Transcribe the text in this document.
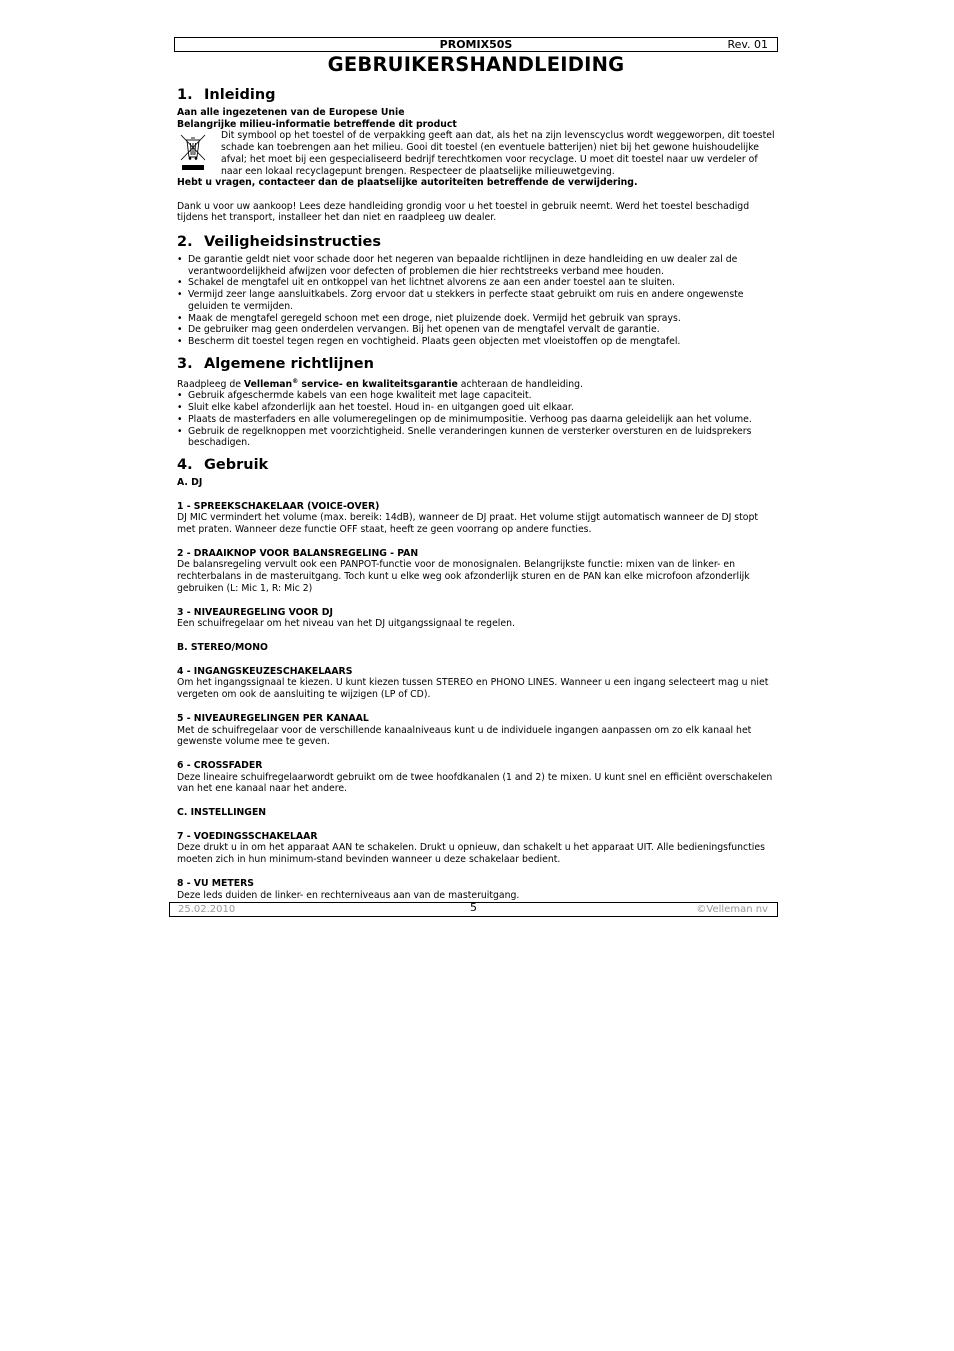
PROMIX50S	Rev. 01
GEBRUIKERSHANDLEIDING
1. Inleiding

Aan alle ingezetenen van de Europese Unie

Belangrijke milieu-informatie betreffende dit product

Dit symbool op het toestel of de verpakking geeft aan dat, als het na zijn levenscyclus wordt weggeworpen, dit toestel schade kan toebrengen aan het milieu. Gooi dit toestel (en eventuele batterijen) niet bij het gewone huishoudelijke afval; het moet bij een gespecialiseerd bedrijf terechtkomen voor recyclage. U moet dit toestel naar uw verdeler of naar een lokaal recyclagepunt brengen. Respecteer de plaatselijke milieuwetgeving.

Hebt u vragen, contacteer dan de plaatselijke autoriteiten betreffende de verwijdering.

Dank u voor uw aankoop! Lees deze handleiding grondig voor u het toestel in gebruik neemt. Werd het toestel beschadigd tijdens het transport, installeer het dan niet en raadpleeg uw dealer.

2. Veiligheidsinstructies
• De garantie geldt niet voor schade door het negeren van bepaalde richtlijnen in deze handleiding en uw dealer zal de verantwoordelijkheid afwijzen voor defecten of problemen die hier rechtstreeks verband mee houden.
• Schakel de mengtafel uit en ontkoppel van het lichtnet alvorens ze aan een ander toestel aan te sluiten.
• Vermijd zeer lange aansluitkabels. Zorg ervoor dat u stekkers in perfecte staat gebruikt om ruis en andere ongewenste geluiden te vermijden.
• Maak de mengtafel geregeld schoon met een droge, niet pluizende doek. Vermijd het gebruik van sprays.
• De gebruiker mag geen onderdelen vervangen. Bij het openen van de mengtafel vervalt de garantie.
• Bescherm dit toestel tegen regen en vochtigheid. Plaats geen objecten met vloeistoffen op de mengtafel.
3. Algemene richtlijnen

Raadpleeg de Velleman® service- en kwaliteitsgarantie achteraan de handleiding.

• Gebruik afgeschermde kabels van een hoge kwaliteit met lage capaciteit.
• Sluit elke kabel afzonderlijk aan het toestel. Houd in- en uitgangen goed uit elkaar.
• Plaats de masterfaders en alle volumeregelingen op de minimumpositie. Verhoog pas daarna geleidelijk aan het volume.
• Gebruik de regelknoppen met voorzichtigheid. Snelle veranderingen kunnen de versterker oversturen en de luidsprekers beschadigen.
4. Gebruik

A. DJ

1 - SPREEKSCHAKELAAR (VOICE-OVER)

DJ MIC vermindert het volume (max. bereik: 14dB), wanneer de DJ praat. Het volume stijgt automatisch wanneer de DJ stopt met praten. Wanneer deze functie OFF staat, heeft ze geen voorrang op andere functies.

2 - DRAAIKNOP VOOR BALANSREGELING - PAN

De balansregeling vervult ook een PANPOT-functie voor de monosignalen. Belangrijkste functie: mixen van de linker- en rechterbalans in de masteruitgang. Toch kunt u elke weg ook afzonderlijk sturen en de PAN kan elke microfoon afzonderlijk gebruiken (L: Mic 1, R: Mic 2)

3 - NIVEAUREGELING VOOR DJ

Een schuifregelaar om het niveau van het DJ uitgangssignaal te regelen.

B. STEREO/MONO

4 - INGANGSKEUZESCHAKELAARS

Om het ingangssignaal te kiezen. U kunt kiezen tussen STEREO en PHONO LINES. Wanneer u een ingang selecteert mag u niet vergeten om ook de aansluiting te wijzigen (LP of CD).

5 - NIVEAUREGELINGEN PER KANAAL

Met de schuifregelaar voor de verschillende kanaalniveaus kunt u de individuele ingangen aanpassen om zo elk kanaal het gewenste volume mee te geven.

6 - CROSSFADER

Deze lineaire schuifregelaarwordt gebruikt om de twee hoofdkanalen (1 and 2) te mixen. U kunt snel en efficiënt overschakelen van het ene kanaal naar het andere.

C. INSTELLINGEN

7 - VOEDINGSSCHAKELAAR

Deze drukt u in om het apparaat AAN te schakelen. Drukt u opnieuw, dan schakelt u het apparaat UIT. Alle bedieningsfuncties moeten zich in hun minimum-stand bevinden wanneer u deze schakelaar bedient.

8 - VU METERS

Deze leds duiden de linker- en rechterniveaus aan van de masteruitgang.

25.02.2010	5	©Velleman nv
